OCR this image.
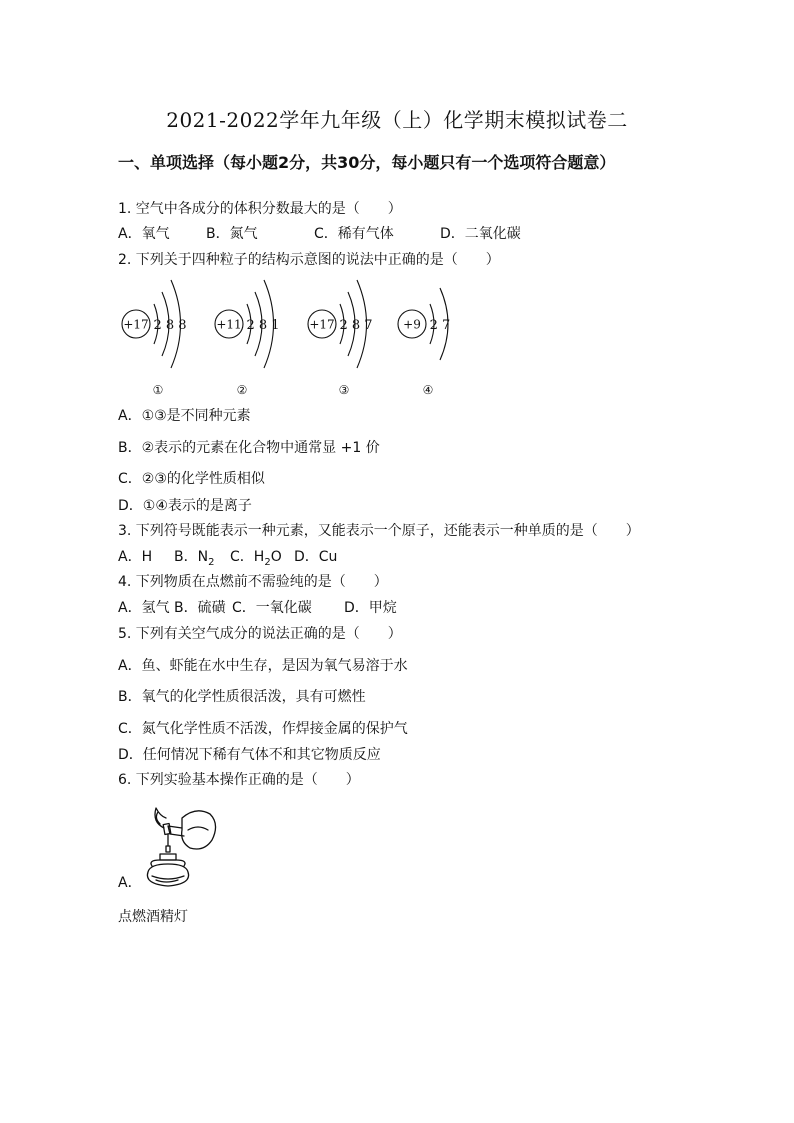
2021-2022学年九年级（上）化学期末模拟试卷二
一、单项选择（每小题2分，共30分，每小题只有一个选项符合题意）
1. 空气中各成分的体积分数最大的是（　　）
A．氧气	B．氮气	C．稀有气体	D．二氧化碳
2. 下列关于四种粒子的结构示意图的说法中正确的是（　　）
+17 2 8 8
①
+11 2 8 1
②
+17 2 8 7
③
+9 2 7
④
A．①③是不同种元素
B．②表示的元素在化合物中通常显 +1 价
C．②③的化学性质相似
D．①④表示的是离子
3. 下列符号既能表示一种元素，又能表示一个原子，还能表示一种单质的是（　　）
A．H B．$N_2$ C．$H_2O$ D．Cu
4. 下列物质在点燃前不需验纯的是（　　）
A．氢气 B．硫磺 C．一氧化碳 D．甲烷
5. 下列有关空气成分的说法正确的是（　　）
A．鱼、虾能在水中生存，是因为氧气易溶于水
B．氧气的化学性质很活泼，具有可燃性
C．氮气化学性质不活泼，作焊接金属的保护气
D．任何情况下稀有气体不和其它物质反应
6. 下列实验基本操作正确的是（　　）
A．
点燃酒精灯
